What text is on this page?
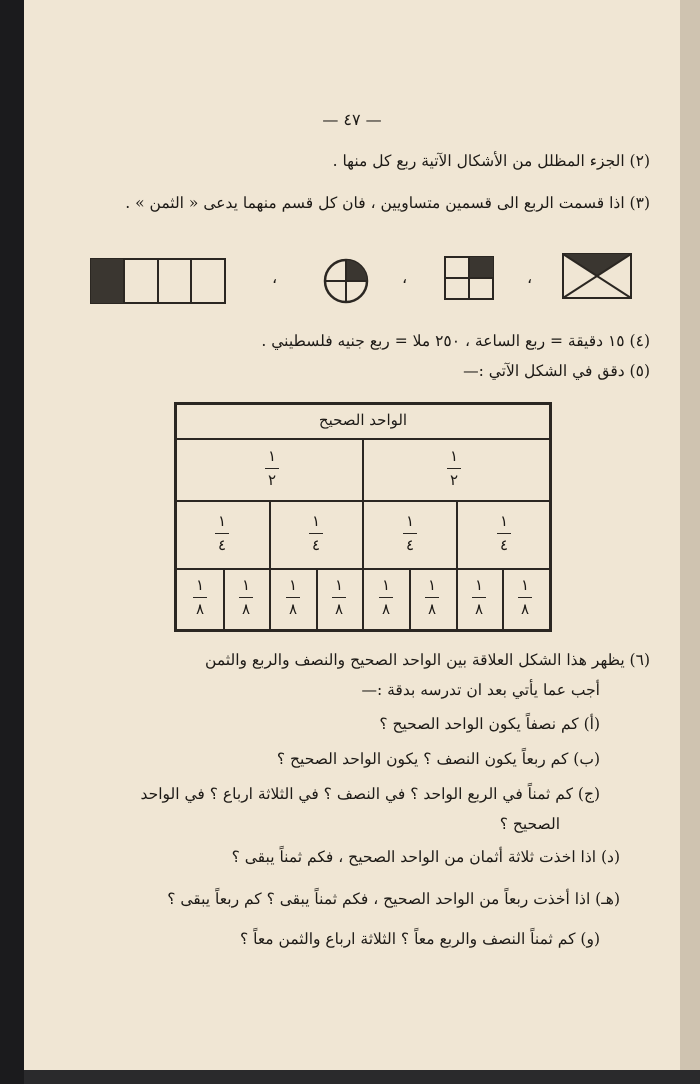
— ٤٧ —
(٢) الجزء المظلل من الأشكال الآتية ربع كل منها .
(٣) اذا قسمت الربع الى قسمين متساويين ، فان كل قسم منهما يدعى « الثمن » .
،	،	،
(٤) ١٥ دقيقة = ربع الساعة ، ٢٥٠ ملا = ربع جنيه فلسطيني .
(٥) دقق في الشكل الآتي :—
الواحد الصحيح
١
٢
١
٢
١
٤
١
٤
١
٤
١
٤
١
٨
١
٨
١
٨
١
٨
١
٨
١
٨
١
٨
١
٨
(٦) يظهر هذا الشكل العلاقة بين الواحد الصحيح والنصف والربع والثمن
أجب عما يأتي بعد ان تدرسه بدقة :—
(أ) كم نصفاً يكون الواحد الصحيح ؟
(ب) كم ربعاً يكون النصف ؟ يكون الواحد الصحيح ؟
(ج) كم ثمناً في الربع الواحد ؟ في النصف ؟ في الثلاثة ارباع ؟ في الواحد
الصحيح ؟
(د) اذا اخذت ثلاثة أثمان من الواحد الصحيح ، فكم ثمناً يبقى ؟
(هـ) اذا أخذت ربعاً من الواحد الصحيح ، فكم ثمناً يبقى ؟ كم ربعاً يبقى ؟
(و) كم ثمناً النصف والربع معاً ؟ الثلاثة ارباع والثمن معاً ؟
